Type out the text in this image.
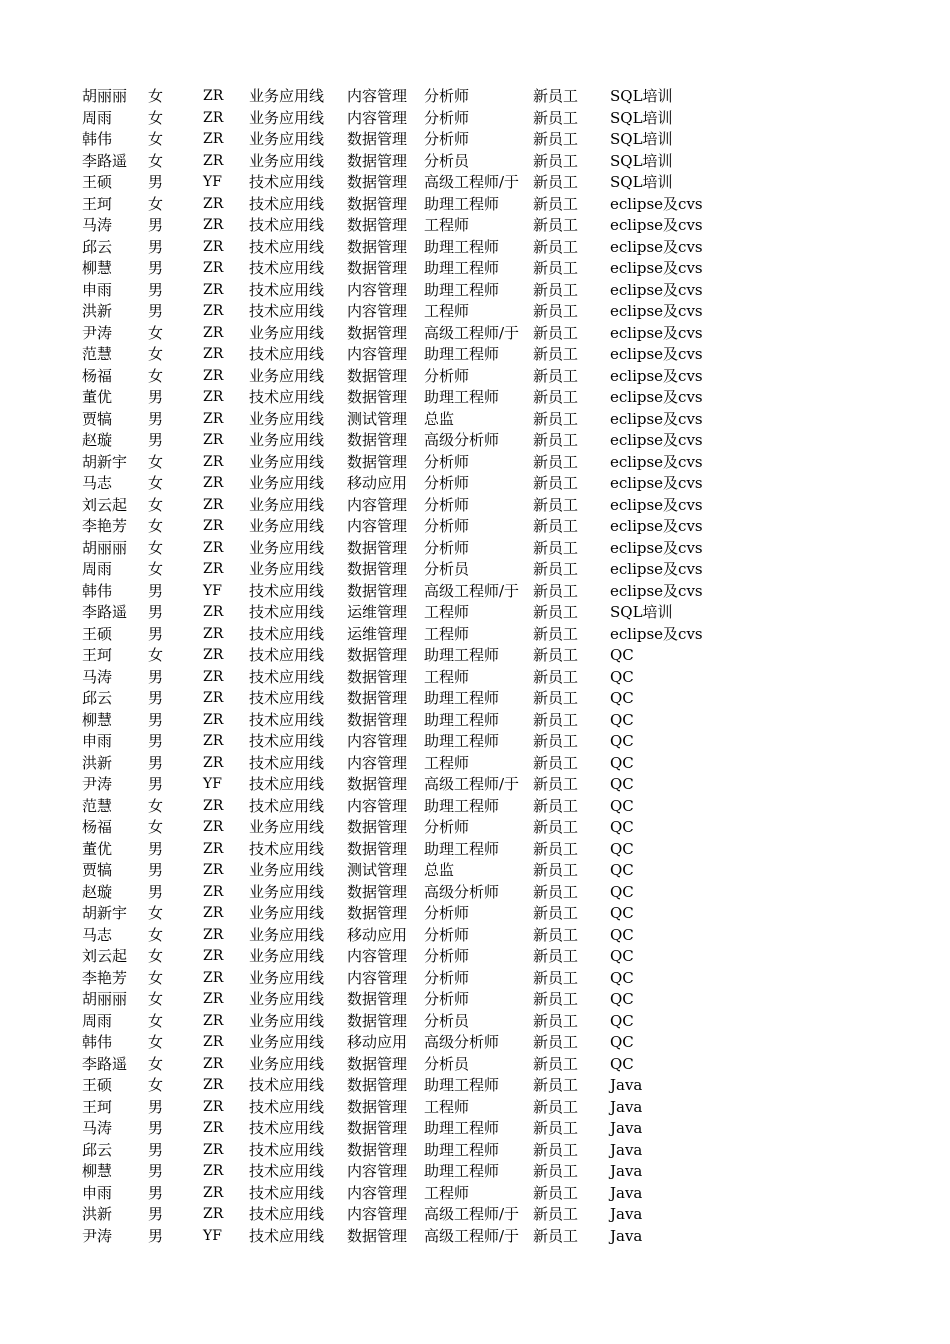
胡丽丽 女	ZR 业务应用线 内容管理 分析师	新员工 SQL培训
周雨 女	ZR 业务应用线 内容管理 分析师	新员工 SQL培训
韩伟 女	ZR 业务应用线 数据管理 分析师	新员工 SQL培训
李路遥 女	ZR 业务应用线 数据管理 分析员	新员工 SQL培训
王硕 男	YF 技术应用线 数据管理 高级工程师/于 新员工 SQL培训
王珂 女	ZR 技术应用线 数据管理 助理工程师	新员工 eclipse及cvs
马涛 男	ZR 技术应用线 数据管理 工程师	新员工 eclipse及cvs
邱云 男	ZR 技术应用线 数据管理 助理工程师	新员工 eclipse及cvs
柳慧 男	ZR 技术应用线 数据管理 助理工程师	新员工 eclipse及cvs
申雨 男	ZR 技术应用线 内容管理 助理工程师	新员工 eclipse及cvs
洪新 男	ZR 技术应用线 内容管理 工程师	新员工 eclipse及cvs
尹涛 女	ZR 业务应用线 数据管理 高级工程师/于 新员工 eclipse及cvs
范慧 女	ZR 技术应用线 内容管理 助理工程师	新员工 eclipse及cvs
杨福 女	ZR 业务应用线 数据管理 分析师	新员工 eclipse及cvs
董优 男	ZR 技术应用线 数据管理 助理工程师	新员工 eclipse及cvs
贾犒 男	ZR 业务应用线 测试管理 总监	新员工 eclipse及cvs
赵璇 男	ZR 业务应用线 数据管理 高级分析师	新员工 eclipse及cvs
胡新宇 女	ZR 业务应用线 数据管理 分析师	新员工 eclipse及cvs
马志 女	ZR 业务应用线 移动应用 分析师	新员工 eclipse及cvs
刘云起 女	ZR 业务应用线 内容管理 分析师	新员工 eclipse及cvs
李艳芳 女	ZR 业务应用线 内容管理 分析师	新员工 eclipse及cvs
胡丽丽 女	ZR 业务应用线 数据管理 分析师	新员工 eclipse及cvs
周雨 女	ZR 业务应用线 数据管理 分析员	新员工 eclipse及cvs
韩伟 男	YF 技术应用线 数据管理 高级工程师/于 新员工 eclipse及cvs
李路遥 男	ZR 技术应用线 运维管理 工程师	新员工 SQL培训
王硕 男	ZR 技术应用线 运维管理 工程师	新员工 eclipse及cvs
王珂 女	ZR 技术应用线 数据管理 助理工程师	新员工 QC
马涛 男	ZR 技术应用线 数据管理 工程师	新员工 QC
邱云 男	ZR 技术应用线 数据管理 助理工程师	新员工 QC
柳慧 男	ZR 技术应用线 数据管理 助理工程师	新员工 QC
申雨 男	ZR 技术应用线 内容管理 助理工程师	新员工 QC
洪新 男	ZR 技术应用线 内容管理 工程师	新员工 QC
尹涛 男	YF 技术应用线 数据管理 高级工程师/于 新员工 QC
范慧 女	ZR 技术应用线 内容管理 助理工程师	新员工 QC
杨福 女	ZR 业务应用线 数据管理 分析师	新员工 QC
董优 男	ZR 技术应用线 数据管理 助理工程师	新员工 QC
贾犒 男	ZR 业务应用线 测试管理 总监	新员工 QC
赵璇 男	ZR 业务应用线 数据管理 高级分析师	新员工 QC
胡新宇 女	ZR 业务应用线 数据管理 分析师	新员工 QC
马志 女	ZR 业务应用线 移动应用 分析师	新员工 QC
刘云起 女	ZR 业务应用线 内容管理 分析师	新员工 QC
李艳芳 女	ZR 业务应用线 内容管理 分析师	新员工 QC
胡丽丽 女	ZR 业务应用线 数据管理 分析师	新员工 QC
周雨 女	ZR 业务应用线 数据管理 分析员	新员工 QC
韩伟 女	ZR 业务应用线 移动应用 高级分析师	新员工 QC
李路遥 女	ZR 业务应用线 数据管理 分析员	新员工 QC
王硕 女	ZR 技术应用线 数据管理 助理工程师	新员工 Java
王珂 男	ZR 技术应用线 数据管理 工程师	新员工 Java
马涛 男	ZR 技术应用线 数据管理 助理工程师	新员工 Java
邱云 男	ZR 技术应用线 数据管理 助理工程师	新员工 Java
柳慧 男	ZR 技术应用线 内容管理 助理工程师	新员工 Java
申雨 男	ZR 技术应用线 内容管理 工程师	新员工 Java
洪新 男	ZR 技术应用线 内容管理 高级工程师/于 新员工 Java
尹涛 男	YF 技术应用线 数据管理 高级工程师/于 新员工 Java
